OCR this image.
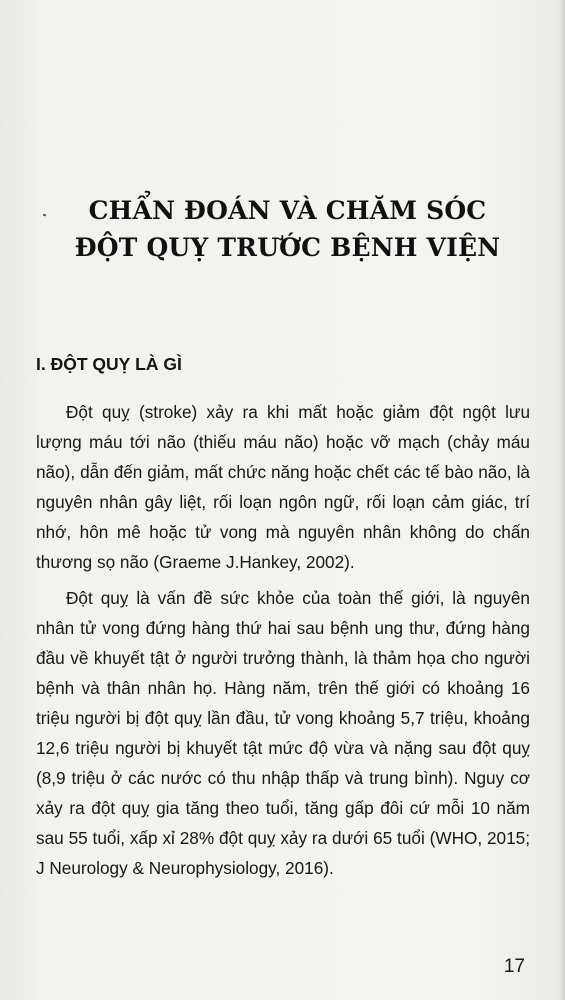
CHẨN ĐOÁN VÀ CHĂM SÓC
ĐỘT QUỴ TRƯỚC BỆNH VIỆN
I. ĐỘT QUỴ LÀ GÌ

Đột quỵ (stroke) xảy ra khi mất hoặc giảm đột ngột lưu lượng máu tới não (thiếu máu não) hoặc vỡ mạch (chảy máu não), dẫn đến giảm, mất chức năng hoặc chết các tế bào não, là nguyên nhân gây liệt, rối loạn ngôn ngữ, rối loạn cảm giác, trí nhớ, hôn mê hoặc tử vong mà nguyên nhân không do chấn thương sọ não (Graeme J.Hankey, 2002).

Đột quỵ là vấn đề sức khỏe của toàn thế giới, là nguyên nhân tử vong đứng hàng thứ hai sau bệnh ung thư, đứng hàng đầu về khuyết tật ở người trưởng thành, là thảm họa cho người bệnh và thân nhân họ. Hàng năm, trên thế giới có khoảng 16 triệu người bị đột quỵ lần đầu, tử vong khoảng 5,7 triệu, khoảng 12,6 triệu người bị khuyết tật mức độ vừa và nặng sau đột quỵ (8,9 triệu ở các nước có thu nhập thấp và trung bình). Nguy cơ xảy ra đột quỵ gia tăng theo tuổi, tăng gấp đôi cứ mỗi 10 năm sau 55 tuổi, xấp xỉ 28% đột quỵ xảy ra dưới 65 tuổi (WHO, 2015; J Neurology & Neurophysiology, 2016).

17
